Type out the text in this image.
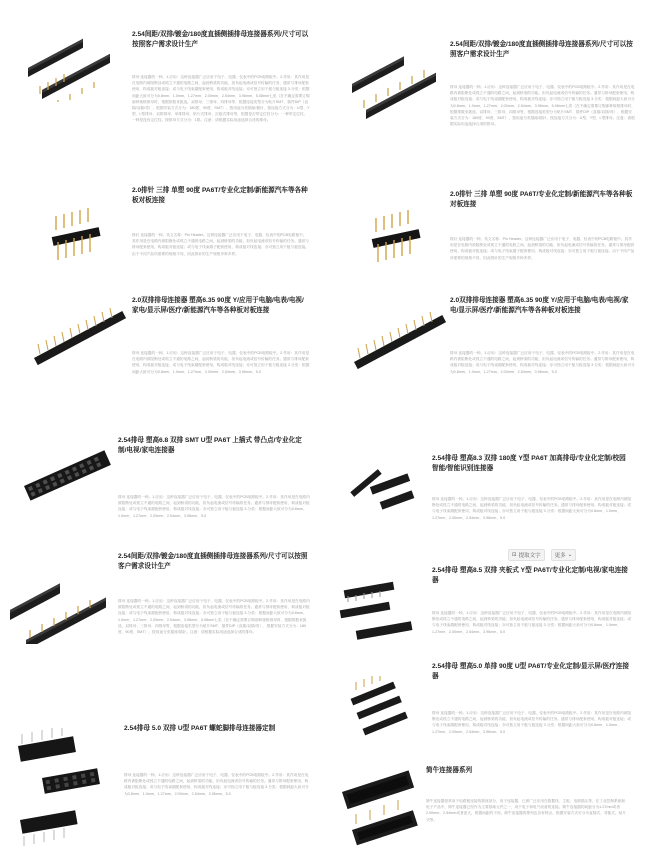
2.54间距/双排/镀金/180度直插侧插排母连接器系列/尺寸可以按照客户需求设计生产
排母 连接器的一种。1.应用：这种连接器广泛应用于电子、电器、仪表中的PCB电路板中。2.作用：其作用是在电路内被阻断处或孤立不通的电路之间，起到桥梁的功能，担负起电流或信号传输的任务。通常与排母配套使用，构成板对板连接；或与电子线束端配套使用，构成板对线连接；亦可独立用于板与板连接 3.分类：根据间距大致可分为0.8mm、1.0mm、1.27mm、2.00mm、2.54mm、3.96mm、5.08mm七类（在不确定需要订购那种规格排母时，根据排数来挑选，双排母、三排母、四排母等，根据连接类型分为贴片SMT、插件DIP（直插/双插/弯）、根据安装方式分为：180度、90度、SMT），按用途分类插座/插针、按连接方式分为：U型、Y型、L型排母、双排排母、单排排母、贴片式排母、沉板式排母等，根据是否带定位柱分为：一种带定位柱，一种是没有定位柱。按排母方式分为：1排。注意：请根据实际用途选择合适的排母。
2.0排针 三排 单塑 90度 PA6T/专业化定制/新能源汽车等各种板对板连接
排针 连接器的一种。英文名称：Pin Header。这种连接器广泛应用于电子、电器、仪表中的PCB电路板中。其作用是在电路内被阻断处或孤立不通的电路之间，起到桥梁的功能，担负起电流或信号传输的任务。通常与排母配套使用，构成板对板连接；或与电子线束端子配套使用，构成板对线连接；亦可独立用于板与板连接。由于不同产品所需要的规格不同，因此排针的生产规格多种多样。
2.0双排排母连接器 塑高6.35 90度 Y/应用于电脑/电表/电视/家电/显示屏/医疗/新能源汽车等各种板对板连接
排母 连接器的一种。1.应用：这种连接器广泛应用于电子、电器、仪表中的PCB电路板中。2.作用：其作用是在电路内被阻断处或孤立不通的电路之间，起到桥梁的功能，担负起电流或信号传输的任务。通常与排母配套使用，构成板对板连接；或与电子线束端配套使用，构成板对线连接；亦可独立用于板与板连接 3.分类：根据间距大致可分为0.8mm、1.0mm、1.27mm、2.00mm、2.54mm、3.96mm、5.0
2.54排母 塑高6.8 双排 SMT U型 PA6T 上插式 带凸点/专业化定制/电视/家电连接器
排母 连接器的一种。1.应用：这种连接器广泛应用于电子、电器、仪表中的PCB电路板中。2.作用：其作用是在电路内被阻断处或孤立不通的电路之间，起到桥梁的功能，担负起电流或信号传输的任务。通常与排母配套使用，构成板对板连接；或与电子线束端配套使用，构成板对线连接；亦可独立用于板与板连接 3.分类：根据间距大致可分为0.8mm、1.0mm、1.27mm、2.00mm、2.54mm、3.96mm、5.0
2.54间距/双排/镀金/180度直插侧插排母连接器系列/尺寸可以按照客户需求设计生产
排母 连接器的一种。1.应用：这种连接器广泛应用于电子、电器、仪表中的PCB电路板中。2.作用：其作用是在电路内被阻断处或孤立不通的电路之间，起到桥梁的功能，担负起电流或信号传输的任务。通常与排母配套使用，构成板对板连接；或与电子线束端配套使用，构成板对线连接；亦可独立用于板与板连接 3.分类：根据间距大致可分为0.8mm、1.0mm、1.27mm、2.00mm、2.54mm、3.96mm、5.08mm七类（在不确定需要订购那种规格排母时，根据排数来挑选，双排母、三排母、四排母等，根据连接类型分为贴片SMT、插件DIP（直插/双插/弯）、根据安装方式分为：180度、90度、SMT），按用途分类插座/插针。注意：请根据实际用途选择合适的排母。
2.54排母 5.0 双排 U型 PA6T 螺蛇脚排母连接器定制
排母 连接器的一种。1.应用：这种连接器广泛应用于电子、电器、仪表中的PCB电路板中。2.作用：其作用是在电路内被阻断处或孤立不通的电路之间，起到桥梁的功能，担负起电流或信号传输的任务。通常与排母配套使用，构成板对板连接；或与电子线束端配套使用，构成板对线连接；亦可独立用于板与板连接 3.分类：根据间距大致可分为0.8mm、1.0mm、1.27mm、2.00mm、2.54mm、3.96mm、5.0
2.54间距/双排/镀金/180度直插侧插排母连接器系列/尺寸可以按照客户需求设计生产
排母 连接器的一种。1.应用：这种连接器广泛应用于电子、电器、仪表中的PCB电路板中。2.作用：其作用是在电路内被阻断处或孤立不通的电路之间，起到桥梁的功能，担负起电流或信号传输的任务。通常与排母配套使用，构成板对板连接；或与电子线束端配套使用，构成板对线连接；亦可独立用于板与板连接 3.分类：根据间距大致可分为0.8mm、1.0mm、1.27mm、2.00mm、2.54mm、3.96mm、5.08mm七类（在不确定需要订购那种规格排母时，根据排数来挑选，双排母、三排母、四排母等，根据连接类型分为贴片SMT、插件DIP（直插/双插/弯）、根据安装方式分为：180度、90度、SMT），按用途分类插座/插针、按连接方式分为：U型、Y型、L型排母。注意：请根据实际用途选择合适的排母。
2.0排针 三排 单塑 90度 PA6T/专业化定制/新能源汽车等各种板对板连接
排针 连接器的一种。英文名称：Pin Header。这种连接器广泛应用于电子、电器、仪表中的PCB电路板中。其作用是在电路内被阻断处或孤立不通的电路之间，起到桥梁的功能，担负起电流或信号传输的任务。通常与排母配套使用，构成板对板连接；或与电子线束端子配套使用，构成板对线连接；亦可独立用于板与板连接。由于不同产品所需要的规格不同，因此排针的生产规格多种多样。
2.0双排排母连接器 塑高6.35 90度 Y/应用于电脑/电表/电视/家电/显示屏/医疗/新能源汽车等各种板对板连接
排母 连接器的一种。1.应用：这种连接器广泛应用于电子、电器、仪表中的PCB电路板中。2.作用：其作用是在电路内被阻断处或孤立不通的电路之间，起到桥梁的功能，担负起电流或信号传输的任务。通常与排母配套使用，构成板对板连接；或与电子线束端配套使用，构成板对线连接；亦可独立用于板与板连接 3.分类：根据间距大致可分为0.8mm、1.0mm、1.27mm、2.00mm、2.54mm、3.96mm、5.0
2.54排母 塑高8.3 双排 180度 Y型 PA6T 加高排母/专业化定制/校园智能/智能识别连接器
排母 连接器的一种。1.应用：这种连接器广泛应用于电子、电器、仪表中的PCB电路板中。2.作用：其作用是在电路内被阻断处或孤立不通的电路之间，起到桥梁的功能，担负起电流或信号传输的任务。通常与排母配套使用，构成板对板连接；或与电子线束端配套使用，构成板对线连接；亦可独立用于板与板连接 3.分类：根据间距大致可分为0.8mm、1.0mm、1.27mm、2.00mm、2.54mm、3.96mm、5.0
⊡ 提取文字	更多 ⌄
2.54排母 塑高8.5 双排 夹板式 Y型 PA6T/专业化定制/电视/家电连接器
排母 连接器的一种。1.应用：这种连接器广泛应用于电子、电器、仪表中的PCB电路板中。2.作用：其作用是在电路内被阻断处或孤立不通的电路之间，起到桥梁的功能，担负起电流或信号传输的任务。通常与排母配套使用，构成板对板连接；或与电子线束端配套使用，构成板对线连接；亦可独立用于板与板连接 3.分类：根据间距大致可分为0.8mm、1.0mm、1.27mm、2.00mm、2.54mm、3.96mm、5.0
2.54排母 塑高5.0 单排 90度 U型 PA6T/专业化定制/显示屏/医疗连接器
排母 连接器的一种。1.应用：这种连接器广泛应用于电子、电器、仪表中的PCB电路板中。2.作用：其作用是在电路内被阻断处或孤立不通的电路之间，起到桥梁的功能，担负起电流或信号传输的任务。通常与排母配套使用，构成板对板连接；或与电子线束端配套使用，构成板对线连接；亦可独立用于板与板连接 3.分类：根据间距大致可分为0.8mm、1.0mm、1.27mm、2.00mm、2.54mm、3.96mm、5.0
简牛连接器系列
简牛连接器是常用于电路板连接的插座部分，用于连接器，已被广泛应用在数据线、主板、电源插头等，在工业控制系统和电子产品中，简牛连接器已经作为主要基础元件之一，用于电子和电气设备的连接。简牛连接器的间距分为1.27mm或者2.00mm、2.54mm或者更大，根据间距的不同，简牛连接器的排列也各有特点。根据安装方式可分为直插式、弯插式、贴片式等。
